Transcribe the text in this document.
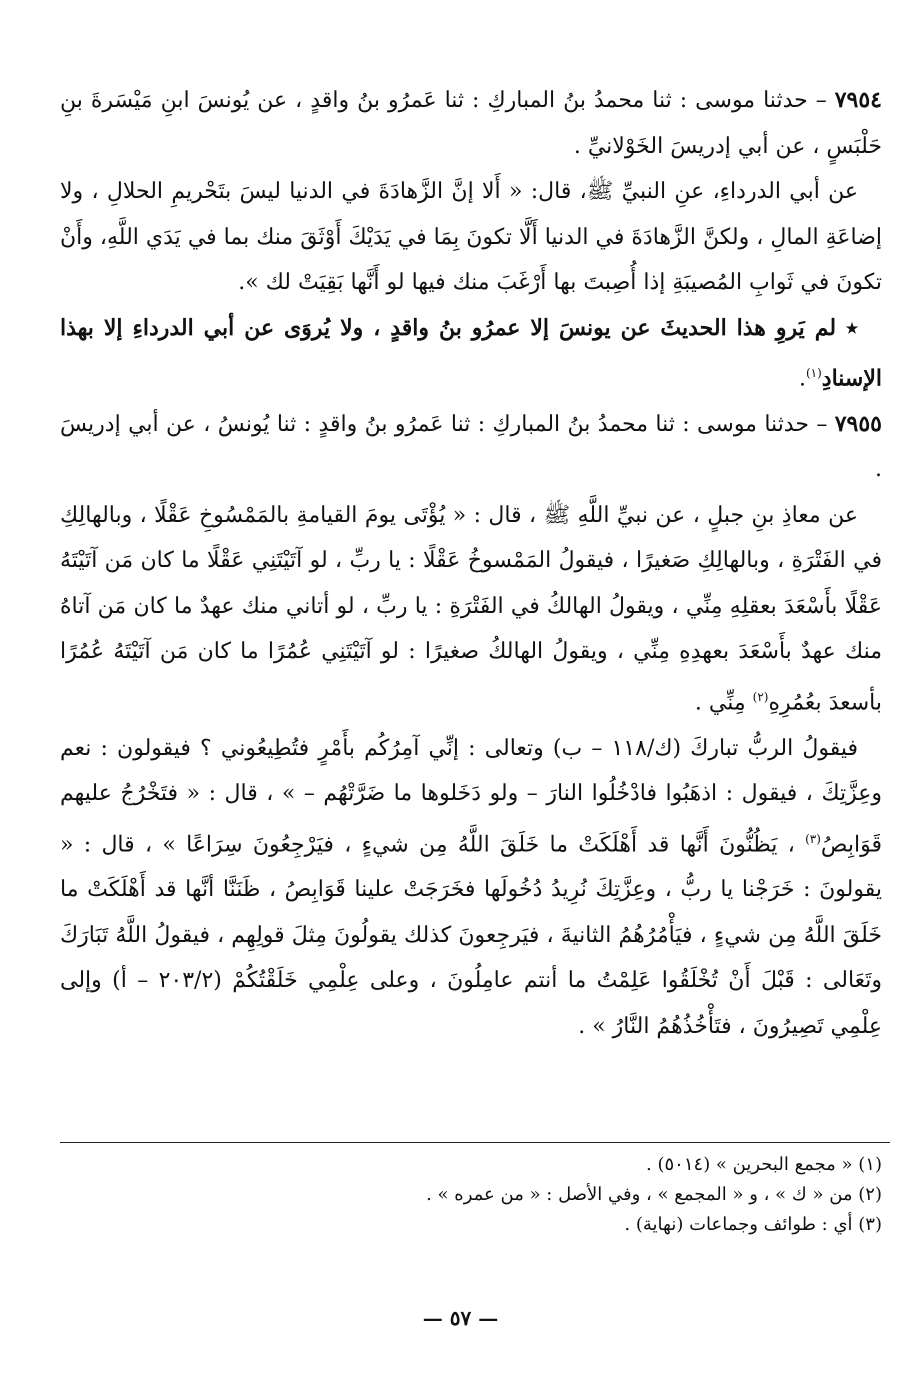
٧٩٥٤ – حدثنا موسى : ثنا محمدُ بنُ المباركِ : ثنا عَمرُو بنُ واقدٍ ، عن يُونسَ ابنِ مَيْسَرةَ بنِ حَلْبَسٍ ، عن أبي إدريسَ الخَوْلانيِّ .

عن أبي الدرداءِ، عنِ النبيِّ ﷺ، قال: « أَلا إنَّ الزَّهادَةَ في الدنيا ليسَ بتَحْريمِ الحلالِ ، ولا إضاعَةِ المالِ ، ولكنَّ الزَّهادَةَ في الدنيا أَلَّا تكونَ بِمَا في يَدَيْكَ أَوْثَقَ منك بما في يَدَي اللَّهِ، وأَنْ تكونَ في ثَوابِ المُصيبَةِ إذا أُصِبتَ بها أَرْغَبَ منك فيها لو أَنَّها بَقِيَتْ لك ».

٭ لم يَروِ هذا الحديثَ عن يونسَ إلا عمرُو بنُ واقدٍ ، ولا يُروَى عن أبي الدرداءِ إلا بهذا الإسنادِ$^{(١)}$.

٧٩٥٥ – حدثنا موسى : ثنا محمدُ بنُ المباركِ : ثنا عَمرُو بنُ واقدٍ : ثنا يُونسُ ، عن أبي إدريسَ .

عن معاذِ بنِ جبلٍ ، عن نبيِّ اللَّهِ ﷺ ، قال : « يُؤْتَى يومَ القيامةِ بالمَمْسُوخِ عَقْلًا ، وبالهالِكِ في الفَتْرَةِ ، وبالهالِكِ صَغيرًا ، فيقولُ المَمْسوخُ عَقْلًا : يا ربِّ ، لو آتَيْتَنِي عَقْلًا ما كان مَن آتَيْتَهُ عَقْلًا بأَسْعَدَ بعقلِهِ مِنِّي ، ويقولُ الهالكُ في الفَتْرَةِ : يا ربِّ ، لو أتاني منك عهدٌ ما كان مَن آتاهُ منك عهدٌ بأَسْعَدَ بعهدِهِ مِنِّي ، ويقولُ الهالكُ صغيرًا : لو آتَيْتَنِي عُمُرًا ما كان مَن آتَيْتَهُ عُمُرًا بأسعدَ بعُمُرِهِ$^{(٢)}$ مِنِّي .

فيقولُ الربُّ تباركَ (ك/١١٨ – ب) وتعالى : إنِّي آمِرُكُم بأَمْرٍ فتُطِيعُوني ؟ فيقولون : نعم وعِزَّتِكَ ، فيقول : اذهَبُوا فادْخُلُوا النارَ – ولو دَخَلوها ما ضَرَّتْهُم – » ، قال : « فتَخْرُجُ عليهم قَوَابِصُ$^{(٣)}$ ، يَظُنُّونَ أَنَّها قد أَهْلَكَتْ ما خَلَقَ اللَّهُ مِن شيءٍ ، فيَرْجِعُونَ سِرَاعًا » ، قال : « يقولونَ : خَرَجْنا يا ربُّ ، وعِزَّتِكَ نُرِيدُ دُخُولَها فخَرَجَتْ علينا قَوَابِصُ ، ظَنَنَّا أنَّها قد أَهْلَكَتْ ما خَلَقَ اللَّهُ مِن شيءٍ ، فيَأْمُرُهُمُ الثانيةَ ، فيَرجِعونَ كذلك يقولُونَ مِثلَ قولِهِم ، فيقولُ اللَّهُ تَبَارَكَ وتَعَالى : قَبْلَ أَنْ تُخْلَقُوا عَلِمْتُ ما أنتم عامِلُونَ ، وعلى عِلْمِي خَلَقْتُكُمْ (٢٠٣/٢ – أ) وإلى عِلْمِي تَصِيرُونَ ، فتَأْخُذُهُمُ النَّارُ » .

(١) « مجمع البحرين » (٥٠١٤) .

(٢) من « ك » ، و « المجمع » ، وفي الأصل : « من عمره » .

(٣) أي : طوائف وجماعات (نهاية) .

— ٥٧ —
